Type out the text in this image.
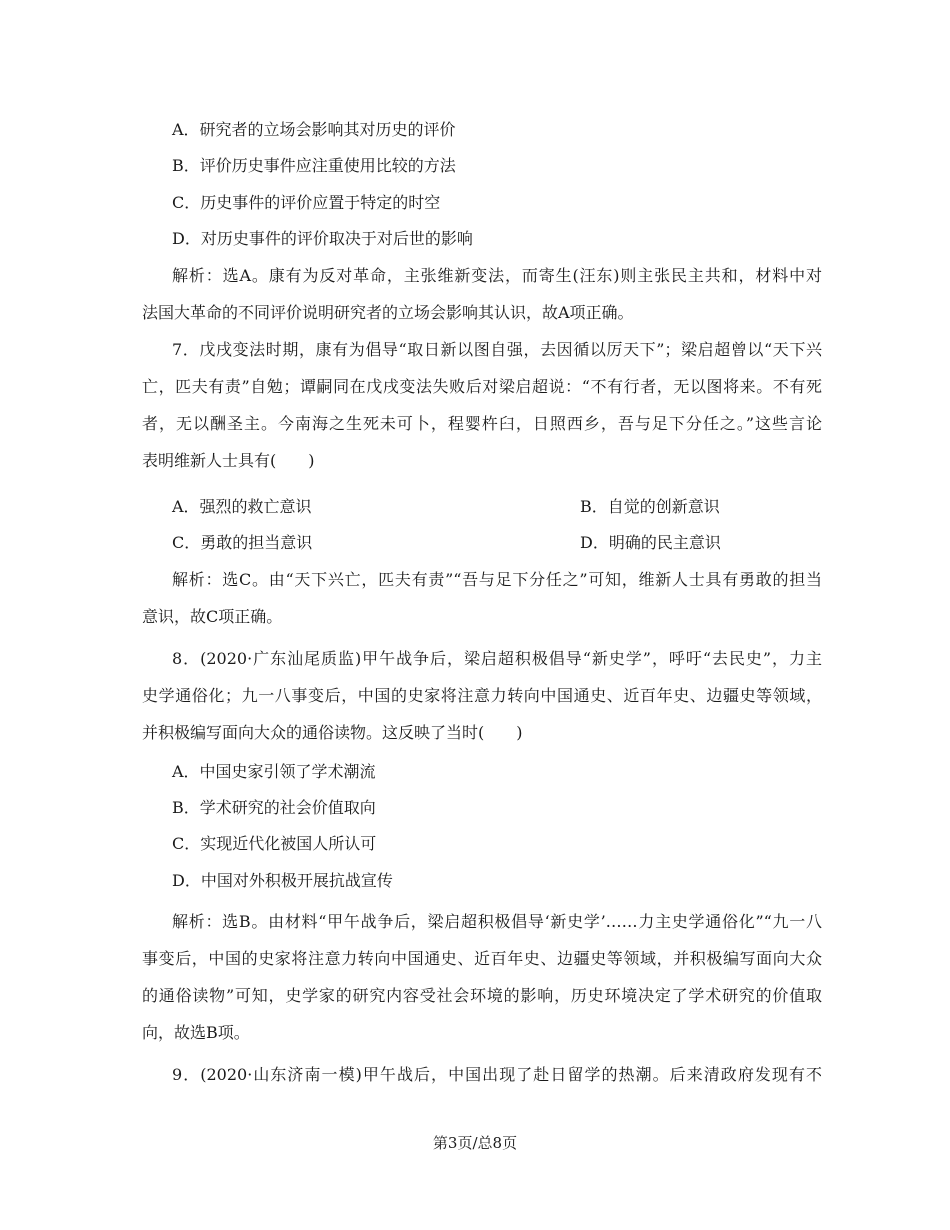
A．研究者的立场会影响其对历史的评价
B．评价历史事件应注重使用比较的方法
C．历史事件的评价应置于特定的时空
D．对历史事件的评价取决于对后世的影响
解析：选A。康有为反对革命，主张维新变法，而寄生(汪东)则主张民主共和，材料中对
法国大革命的不同评价说明研究者的立场会影响其认识，故A项正确。
7．戊戌变法时期，康有为倡导“取日新以图自强，去因循以厉天下”；梁启超曾以“天下兴
亡，匹夫有责”自勉；谭嗣同在戊戌变法失败后对梁启超说：“不有行者，无以图将来。不有死
者，无以酬圣主。今南海之生死未可卜，程婴杵臼，日照西乡，吾与足下分任之。”这些言论
表明维新人士具有(　　)
A．强烈的救亡意识	B．自觉的创新意识
C．勇敢的担当意识	D．明确的民主意识
解析：选C。由“天下兴亡，匹夫有责”“吾与足下分任之”可知，维新人士具有勇敢的担当
意识，故C项正确。
8．(2020·广东汕尾质监)甲午战争后，梁启超积极倡导“新史学”，呼吁“去民史”，力主
史学通俗化；九一八事变后，中国的史家将注意力转向中国通史、近百年史、边疆史等领域，
并积极编写面向大众的通俗读物。这反映了当时(　　)
A．中国史家引领了学术潮流
B．学术研究的社会价值取向
C．实现近代化被国人所认可
D．中国对外积极开展抗战宣传
解析：选B。由材料“甲午战争后，梁启超积极倡导‘新史学’……力主史学通俗化”“九一八
事变后，中国的史家将注意力转向中国通史、近百年史、边疆史等领域，并积极编写面向大众
的通俗读物”可知，史学家的研究内容受社会环境的影响，历史环境决定了学术研究的价值取
向，故选B项。
9．(2020·山东济南一模)甲午战后，中国出现了赴日留学的热潮。后来清政府发现有不
第3页/总8页
